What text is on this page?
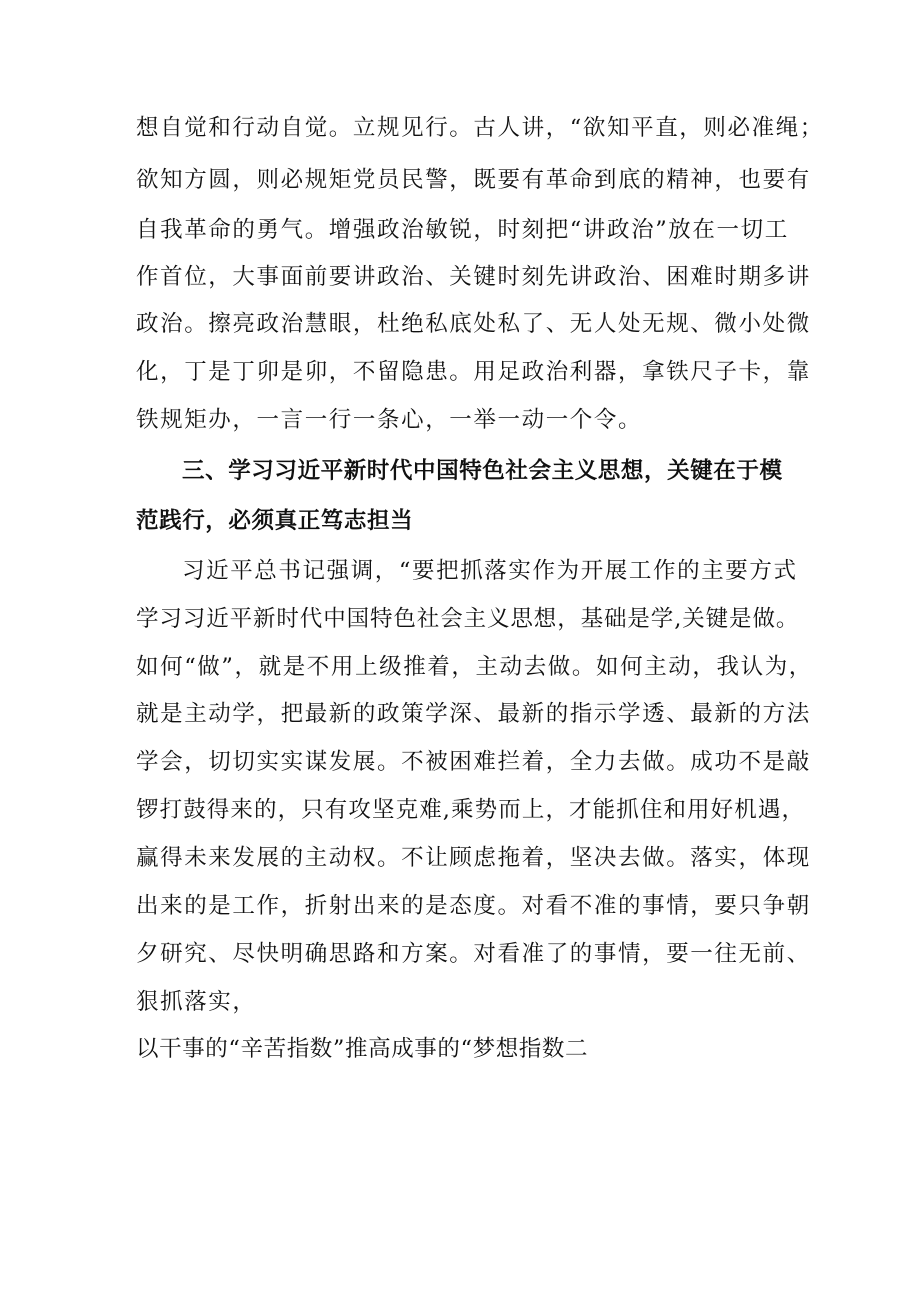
想自觉和行动自觉。立规见行。古人讲，“欲知平直，则必准绳；
欲知方圆，则必规矩党员民警，既要有革命到底的精神，也要有
自我革命的勇气。增强政治敏锐，时刻把“讲政治”放在一切工
作首位，大事面前要讲政治、关键时刻先讲政治、困难时期多讲
政治。擦亮政治慧眼，杜绝私底处私了、无人处无规、微小处微
化，丁是丁卯是卯，不留隐患。用足政治利器，拿铁尺子卡，靠
铁规矩办，一言一行一条心，一举一动一个令。
三、学习习近平新时代中国特色社会主义思想，关键在于模
范践行，必须真正笃志担当
习近平总书记强调，“要把抓落实作为开展工作的主要方式
学习习近平新时代中国特色社会主义思想，基础是学,关键是做。
如何“做”，就是不用上级推着，主动去做。如何主动，我认为，
就是主动学，把最新的政策学深、最新的指示学透、最新的方法
学会，切切实实谋发展。不被困难拦着，全力去做。成功不是敲
锣打鼓得来的，只有攻坚克难,乘势而上，才能抓住和用好机遇，
赢得未来发展的主动权。不让顾虑拖着，坚决去做。落实，体现
出来的是工作，折射出来的是态度。对看不准的事情，要只争朝
夕研究、尽快明确思路和方案。对看准了的事情，要一往无前、
狠抓落实，
以干事的“辛苦指数”推高成事的“梦想指数二
